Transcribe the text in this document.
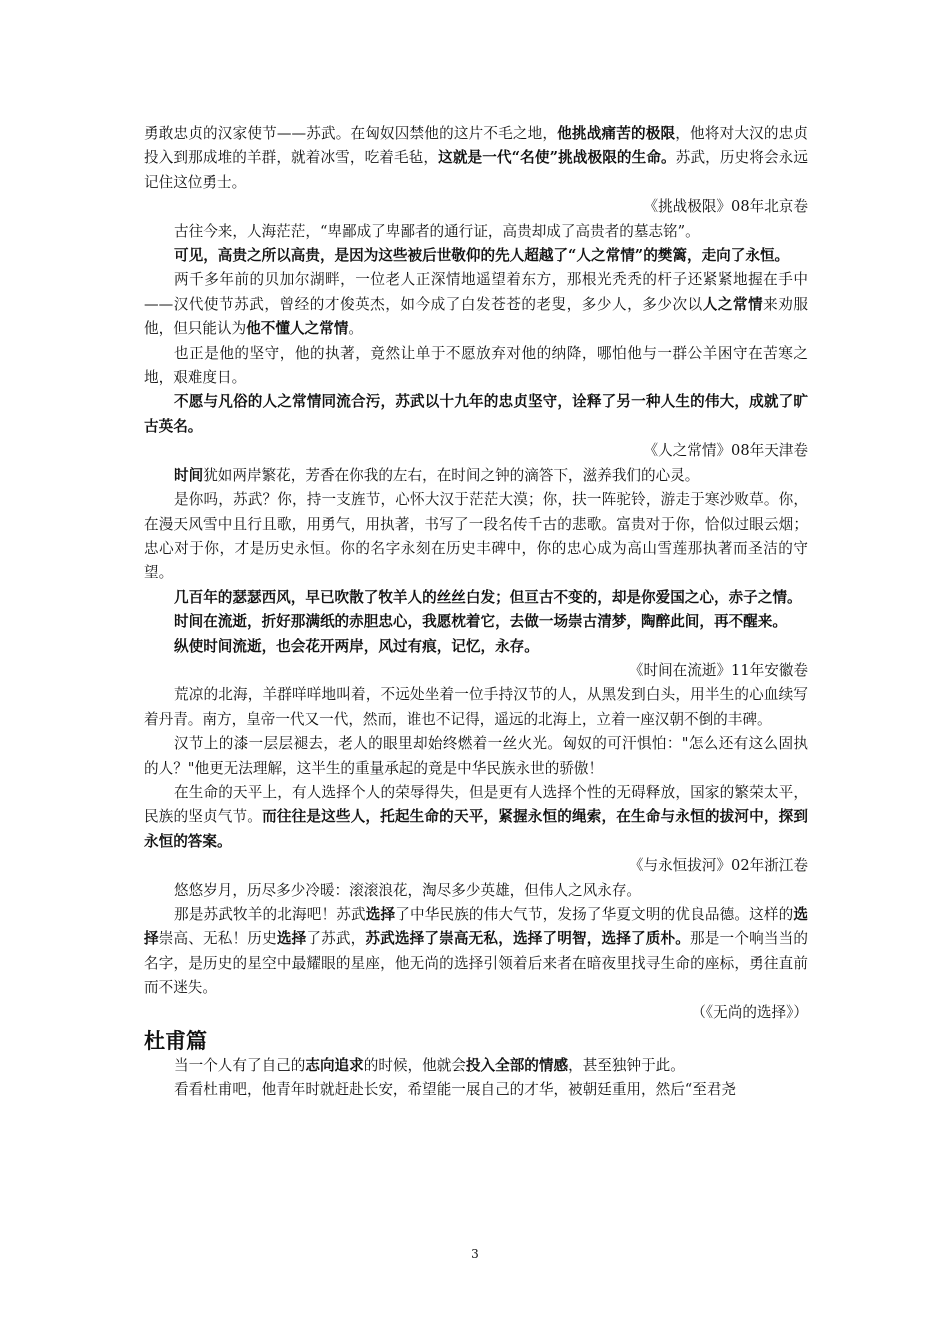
勇敢忠贞的汉家使节——苏武。在匈奴囚禁他的这片不毛之地，他挑战痛苦的极限，他将对大汉的忠贞投入到那成堆的羊群，就着冰雪，吃着毛毡，这就是一代“名使”挑战极限的生命。苏武，历史将会永远记住这位勇士。

《挑战极限》08年北京卷

古往今来，人海茫茫，“卑鄙成了卑鄙者的通行证，高贵却成了高贵者的墓志铭”。

可见，高贵之所以高贵，是因为这些被后世敬仰的先人超越了“人之常情”的樊篱，走向了永恒。

两千多年前的贝加尔湖畔，一位老人正深情地遥望着东方，那根光秃秃的杆子还紧紧地握在手中——汉代使节苏武，曾经的才俊英杰，如今成了白发苍苍的老叟，多少人，多少次以人之常情来劝服他，但只能认为他不懂人之常情。

也正是他的坚守，他的执著，竟然让单于不愿放弃对他的纳降，哪怕他与一群公羊困守在苦寒之地，艰难度日。

不愿与凡俗的人之常情同流合污，苏武以十九年的忠贞坚守，诠释了另一种人生的伟大，成就了旷古英名。

《人之常情》08年天津卷

时间犹如两岸繁花，芳香在你我的左右，在时间之钟的滴答下，滋养我们的心灵。

是你吗，苏武？你，持一支旌节，心怀大汉于茫茫大漠；你，扶一阵驼铃，游走于寒沙败草。你，在漫天风雪中且行且歌，用勇气，用执著，书写了一段名传千古的悲歌。富贵对于你，恰似过眼云烟；忠心对于你，才是历史永恒。你的名字永刻在历史丰碑中，你的忠心成为高山雪莲那执著而圣洁的守望。

几百年的瑟瑟西风，早已吹散了牧羊人的丝丝白发；但亘古不变的，却是你爱国之心，赤子之情。

时间在流逝，折好那满纸的赤胆忠心，我愿枕着它，去做一场崇古清梦，陶醉此间，再不醒来。

纵使时间流逝，也会花开两岸，风过有痕，记忆，永存。

《时间在流逝》11年安徽卷

荒凉的北海，羊群咩咩地叫着，不远处坐着一位手持汉节的人，从黑发到白头，用半生的心血续写着丹青。南方，皇帝一代又一代，然而，谁也不记得，遥远的北海上，立着一座汉朝不倒的丰碑。

汉节上的漆一层层褪去，老人的眼里却始终燃着一丝火光。匈奴的可汗惧怕："怎么还有这么固执的人？"他更无法理解，这半生的重量承起的竟是中华民族永世的骄傲！

在生命的天平上，有人选择个人的荣辱得失，但是更有人选择个性的无碍释放，国家的繁荣太平，民族的坚贞气节。而往往是这些人，托起生命的天平，紧握永恒的绳索，在生命与永恒的拔河中，探到永恒的答案。

《与永恒拔河》02年浙江卷

悠悠岁月，历尽多少冷暖：滚滚浪花，淘尽多少英雄，但伟人之风永存。

那是苏武牧羊的北海吧！苏武选择了中华民族的伟大气节，发扬了华夏文明的优良品德。这样的选择崇高、无私！历史选择了苏武，苏武选择了崇高无私，选择了明智，选择了质朴。那是一个响当当的名字，是历史的星空中最耀眼的星座，他无尚的选择引领着后来者在暗夜里找寻生命的座标，勇往直前而不迷失。

（《无尚的选择》）

杜甫篇

当一个人有了自己的志向追求的时候，他就会投入全部的情感，甚至独钟于此。

看看杜甫吧，他青年时就赶赴长安，希望能一展自己的才华，被朝廷重用，然后“至君尧

3
